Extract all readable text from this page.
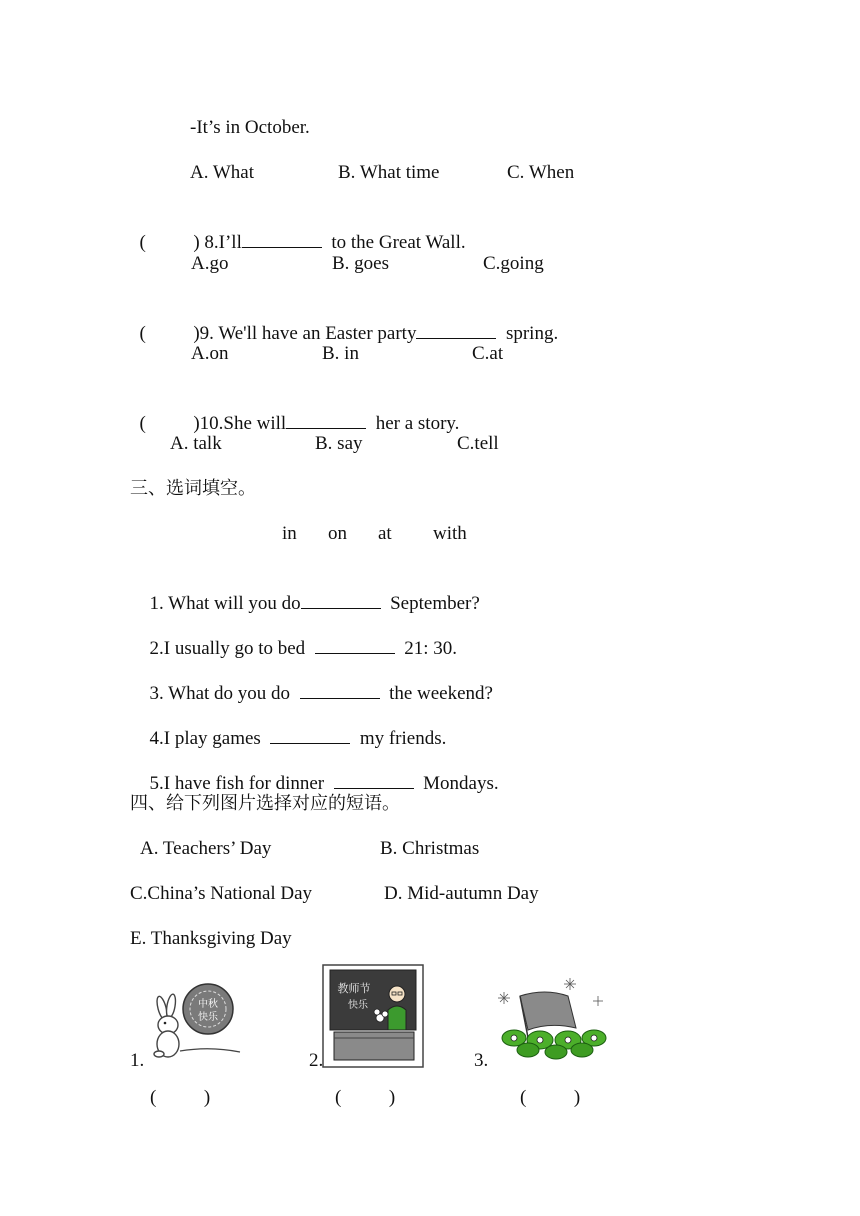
-It’s in October.
A. What	B. What time	C. When

(          ) 8.I’ll	to the Great Wall.

A.go	B. goes	C.going

(          )9. We'll have an Easter party	spring.

A.on	B. in	C.at

(          )10.She will	her a story.

A. talk	B. say	C.tell
三、选词填空。
in on at with

1. What will you do	September?

2.I usually go to bed	21: 30.

3. What do you do	the weekend?

4.I play games	my friends.

5.I have fish for dinner	Mondays.

四、给下列图片选择对应的短语。
A. Teachers’ Day	B. Christmas
C.China’s National Day	D. Mid-autumn Day
E. Thanksgiving Day
1.
中秋
快乐
(          )
2.
教师节
快乐
(          )
3.
(          )
